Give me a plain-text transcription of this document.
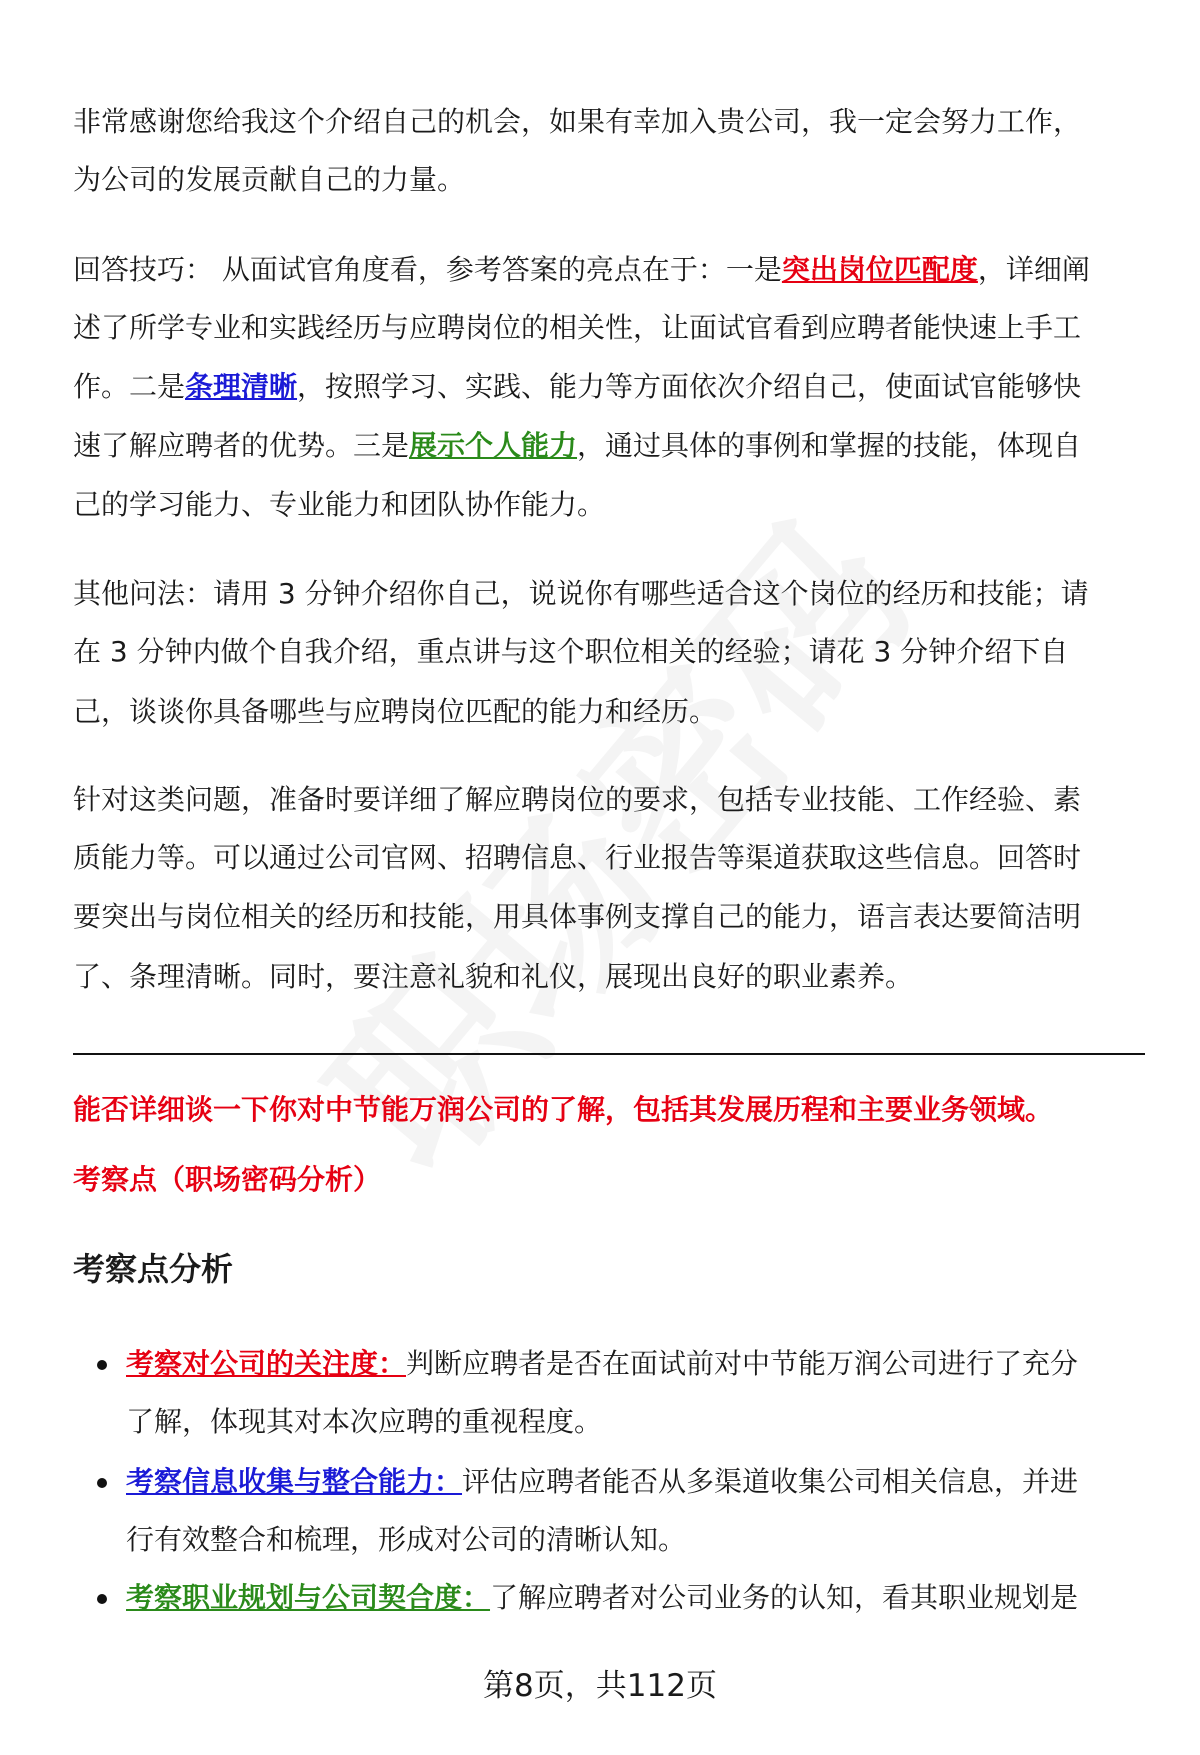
非常感谢您给我这个介绍自己的机会，如果有幸加入贵公司，我一定会努力工作，
为公司的发展贡献自己的力量。
回答技巧： 从面试官角度看，参考答案的亮点在于：一是突出岗位匹配度，详细阐
述了所学专业和实践经历与应聘岗位的相关性，让面试官看到应聘者能快速上手工
作。二是条理清晰，按照学习、实践、能力等方面依次介绍自己，使面试官能够快
速了解应聘者的优势。三是展示个人能力，通过具体的事例和掌握的技能，体现自
己的学习能力、专业能力和团队协作能力。
其他问法：请用 3 分钟介绍你自己，说说你有哪些适合这个岗位的经历和技能；请
在 3 分钟内做个自我介绍，重点讲与这个职位相关的经验；请花 3 分钟介绍下自
己，谈谈你具备哪些与应聘岗位匹配的能力和经历。
针对这类问题，准备时要详细了解应聘岗位的要求，包括专业技能、工作经验、素
质能力等。可以通过公司官网、招聘信息、行业报告等渠道获取这些信息。回答时
要突出与岗位相关的经历和技能，用具体事例支撑自己的能力，语言表达要简洁明
了、条理清晰。同时，要注意礼貌和礼仪，展现出良好的职业素养。
能否详细谈一下你对中节能万润公司的了解，包括其发展历程和主要业务领域。
考察点（职场密码分析）
考察点分析
考察对公司的关注度：判断应聘者是否在面试前对中节能万润公司进行了充分
了解，体现其对本次应聘的重视程度。
考察信息收集与整合能力：评估应聘者能否从多渠道收集公司相关信息，并进
行有效整合和梳理，形成对公司的清晰认知。
考察职业规划与公司契合度：了解应聘者对公司业务的认知，看其职业规划是
第8页，共112页
